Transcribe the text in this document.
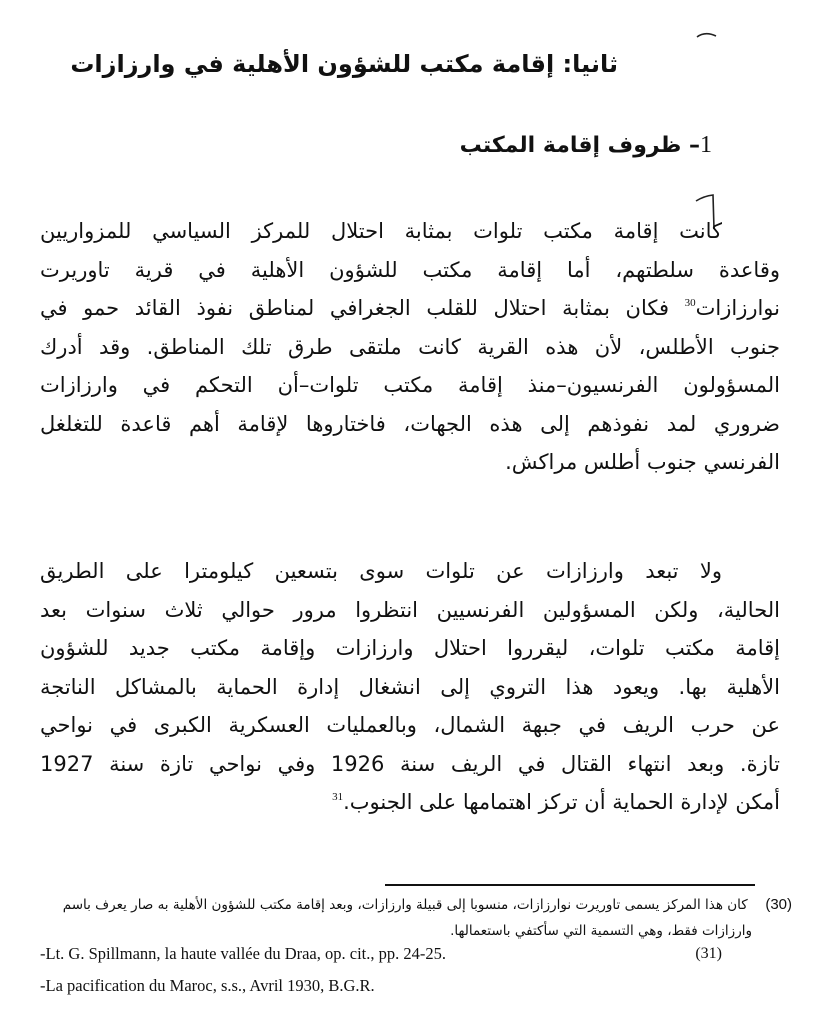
ثانيا: إقامة مكتب للشؤون الأهلية في وارزازات
1– ظروف إقامة المكتب
كانت إقامة مكتب تلوات بمثابة احتلال للمركز السياسي للمزواريين
وقاعدة سلطتهم، أما إقامة مكتب للشؤون الأهلية في قرية تاوريرت
نوارزازات$^{30}$ فكان بمثابة احتلال للقلب الجغرافي لمناطق نفوذ القائد حمو في
جنوب الأطلس، لأن هذه القرية كانت ملتقى طرق تلك المناطق. وقد أدرك
المسؤولون الفرنسيون–منذ إقامة مكتب تلوات–أن التحكم في وارزازات
ضروري لمد نفوذهم إلى هذه الجهات، فاختاروها لإقامة أهم قاعدة للتغلغل
الفرنسي جنوب أطلس مراكش.
ولا تبعد وارزازات عن تلوات سوى بتسعين كيلومترا على الطريق
الحالية، ولكن المسؤولين الفرنسيين انتظروا مرور حوالي ثلاث سنوات بعد
إقامة مكتب تلوات، ليقرروا احتلال وارزازات وإقامة مكتب جديد للشؤون
الأهلية بها. ويعود هذا التروي إلى انشغال إدارة الحماية بالمشاكل الناتجة
عن حرب الريف في جبهة الشمال، وبالعمليات العسكرية الكبرى في نواحي
تازة. وبعد انتهاء القتال في الريف سنة 1926 وفي نواحي تازة سنة 1927
أمكن لإدارة الحماية أن تركز اهتمامها على الجنوب.$^{31}$
(30) كان هذا المركز يسمى تاوريرت نوارزازات، منسوبا إلى قبيلة وارزازات، وبعد إقامة مكتب للشؤون الأهلية به صار يعرف باسم
وارزازات فقط، وهي التسمية التي سأكتفي باستعمالها.
-Lt. G. Spillmann, la haute vallée du Draa, op. cit., pp. 24-25.	(31)
-La pacification du Maroc, s.s., Avril 1930, B.G.R.
